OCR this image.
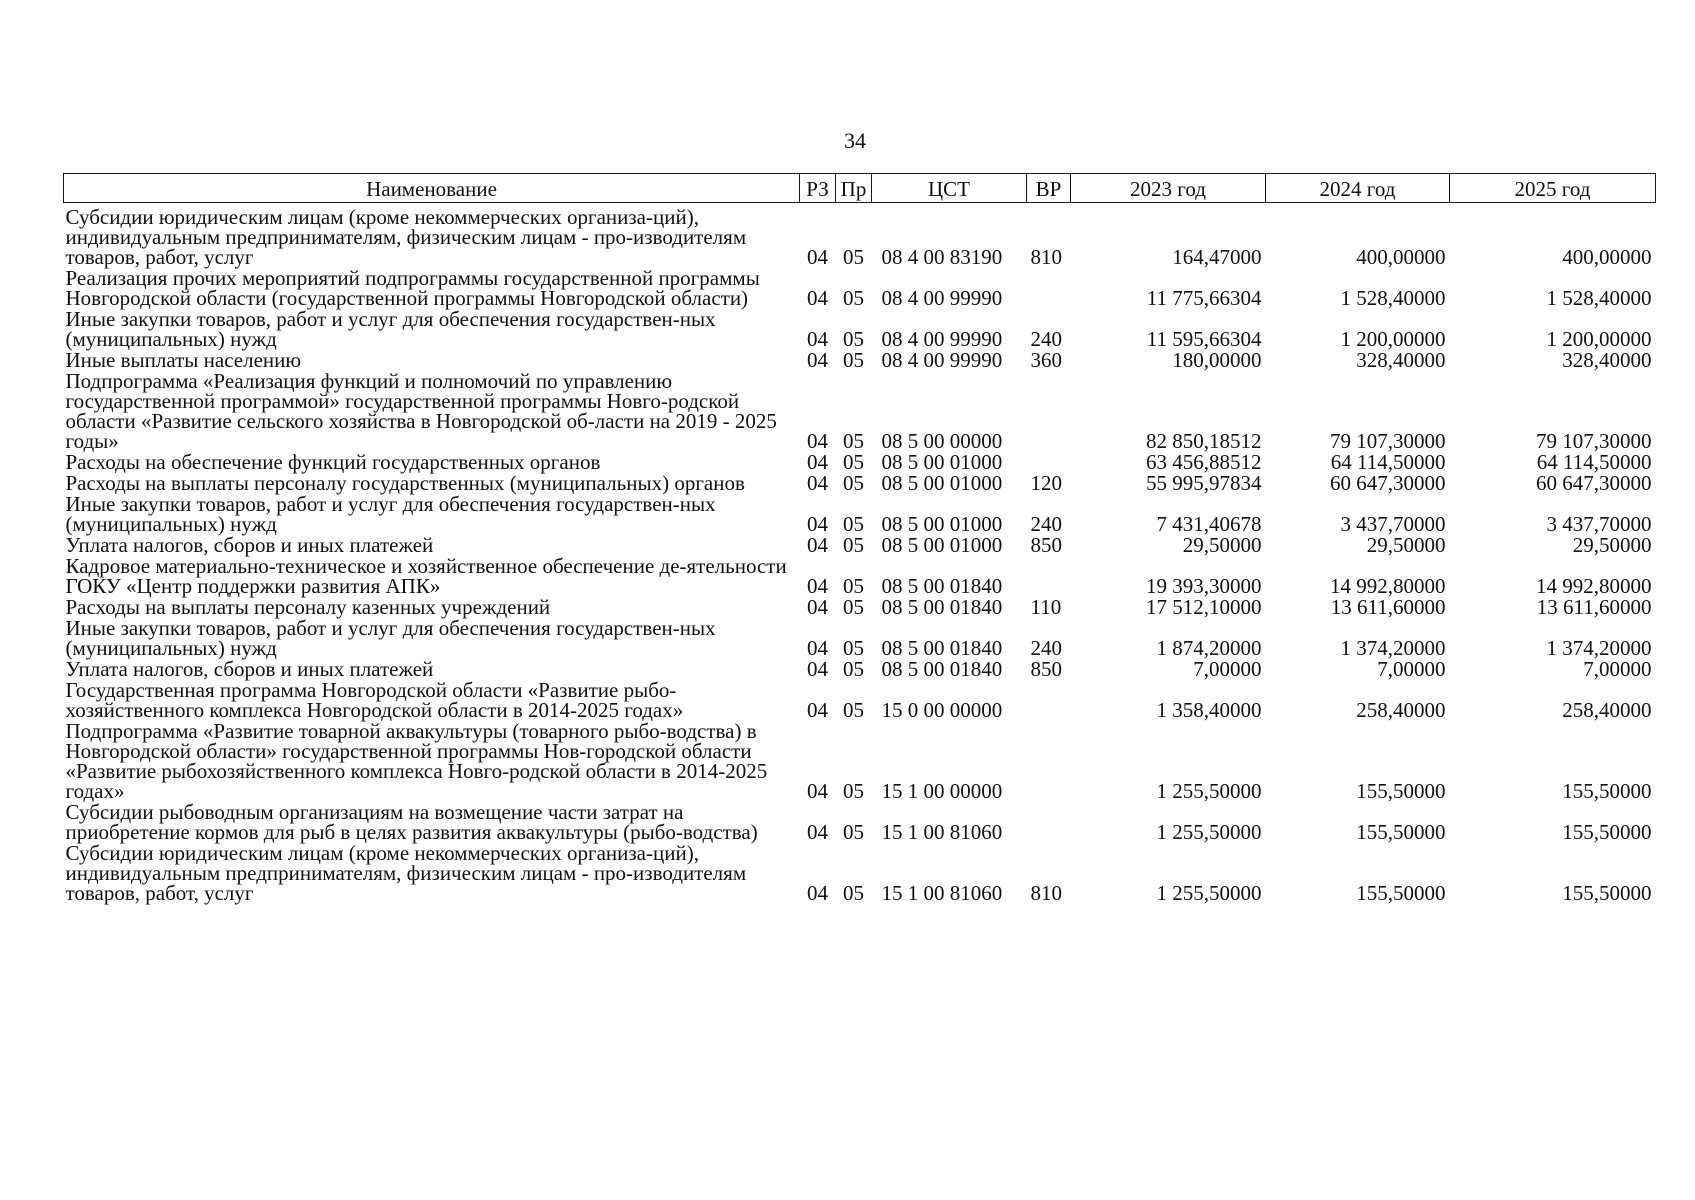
34
Наименование	РЗ	Пр	ЦСТ	ВР	2023 год	2024 год	2025 год
Субсидии юридическим лицам (кроме некоммерческих организа-ций), индивидуальным предпринимателям, физическим лицам - про-изводителям товаров, работ, услуг	04	05	08 4 00 83190	810	164,47000	400,00000	400,00000
Реализация прочих мероприятий подпрограммы государственной программы Новгородской области (государственной программы Новгородской области)	04	05	08 4 00 99990		11 775,66304	1 528,40000	1 528,40000
Иные закупки товаров, работ и услуг для обеспечения государствен-ных (муниципальных) нужд	04	05	08 4 00 99990	240	11 595,66304	1 200,00000	1 200,00000
Иные выплаты населению	04	05	08 4 00 99990	360	180,00000	328,40000	328,40000
Подпрограмма «Реализация функций и полномочий по управлению государственной программой» государственной программы Новго-родской области «Развитие сельского хозяйства в Новгородской об-ласти на 2019 - 2025 годы»	04	05	08 5 00 00000		82 850,18512	79 107,30000	79 107,30000
Расходы на обеспечение функций государственных органов	04	05	08 5 00 01000		63 456,88512	64 114,50000	64 114,50000
Расходы на выплаты персоналу государственных (муниципальных) органов	04	05	08 5 00 01000	120	55 995,97834	60 647,30000	60 647,30000
Иные закупки товаров, работ и услуг для обеспечения государствен-ных (муниципальных) нужд	04	05	08 5 00 01000	240	7 431,40678	3 437,70000	3 437,70000
Уплата налогов, сборов и иных платежей	04	05	08 5 00 01000	850	29,50000	29,50000	29,50000
Кадровое материально-техническое и хозяйственное обеспечение де-ятельности ГОКУ «Центр поддержки развития АПК»	04	05	08 5 00 01840		19 393,30000	14 992,80000	14 992,80000
Расходы на выплаты персоналу казенных учреждений	04	05	08 5 00 01840	110	17 512,10000	13 611,60000	13 611,60000
Иные закупки товаров, работ и услуг для обеспечения государствен-ных (муниципальных) нужд	04	05	08 5 00 01840	240	1 874,20000	1 374,20000	1 374,20000
Уплата налогов, сборов и иных платежей	04	05	08 5 00 01840	850	7,00000	7,00000	7,00000
Государственная программа Новгородской области «Развитие рыбо-хозяйственного комплекса Новгородской области в 2014-2025 годах»	04	05	15 0 00 00000		1 358,40000	258,40000	258,40000
Подпрограмма «Развитие товарной аквакультуры (товарного рыбо-водства) в Новгородской области» государственной программы Нов-городской области «Развитие рыбохозяйственного комплекса Новго-родской области в 2014-2025 годах»	04	05	15 1 00 00000		1 255,50000	155,50000	155,50000
Субсидии рыбоводным организациям на возмещение части затрат на приобретение кормов для рыб в целях развития аквакультуры (рыбо-водства)	04	05	15 1 00 81060		1 255,50000	155,50000	155,50000
Субсидии юридическим лицам (кроме некоммерческих организа-ций), индивидуальным предпринимателям, физическим лицам - про-изводителям товаров, работ, услуг	04	05	15 1 00 81060	810	1 255,50000	155,50000	155,50000
